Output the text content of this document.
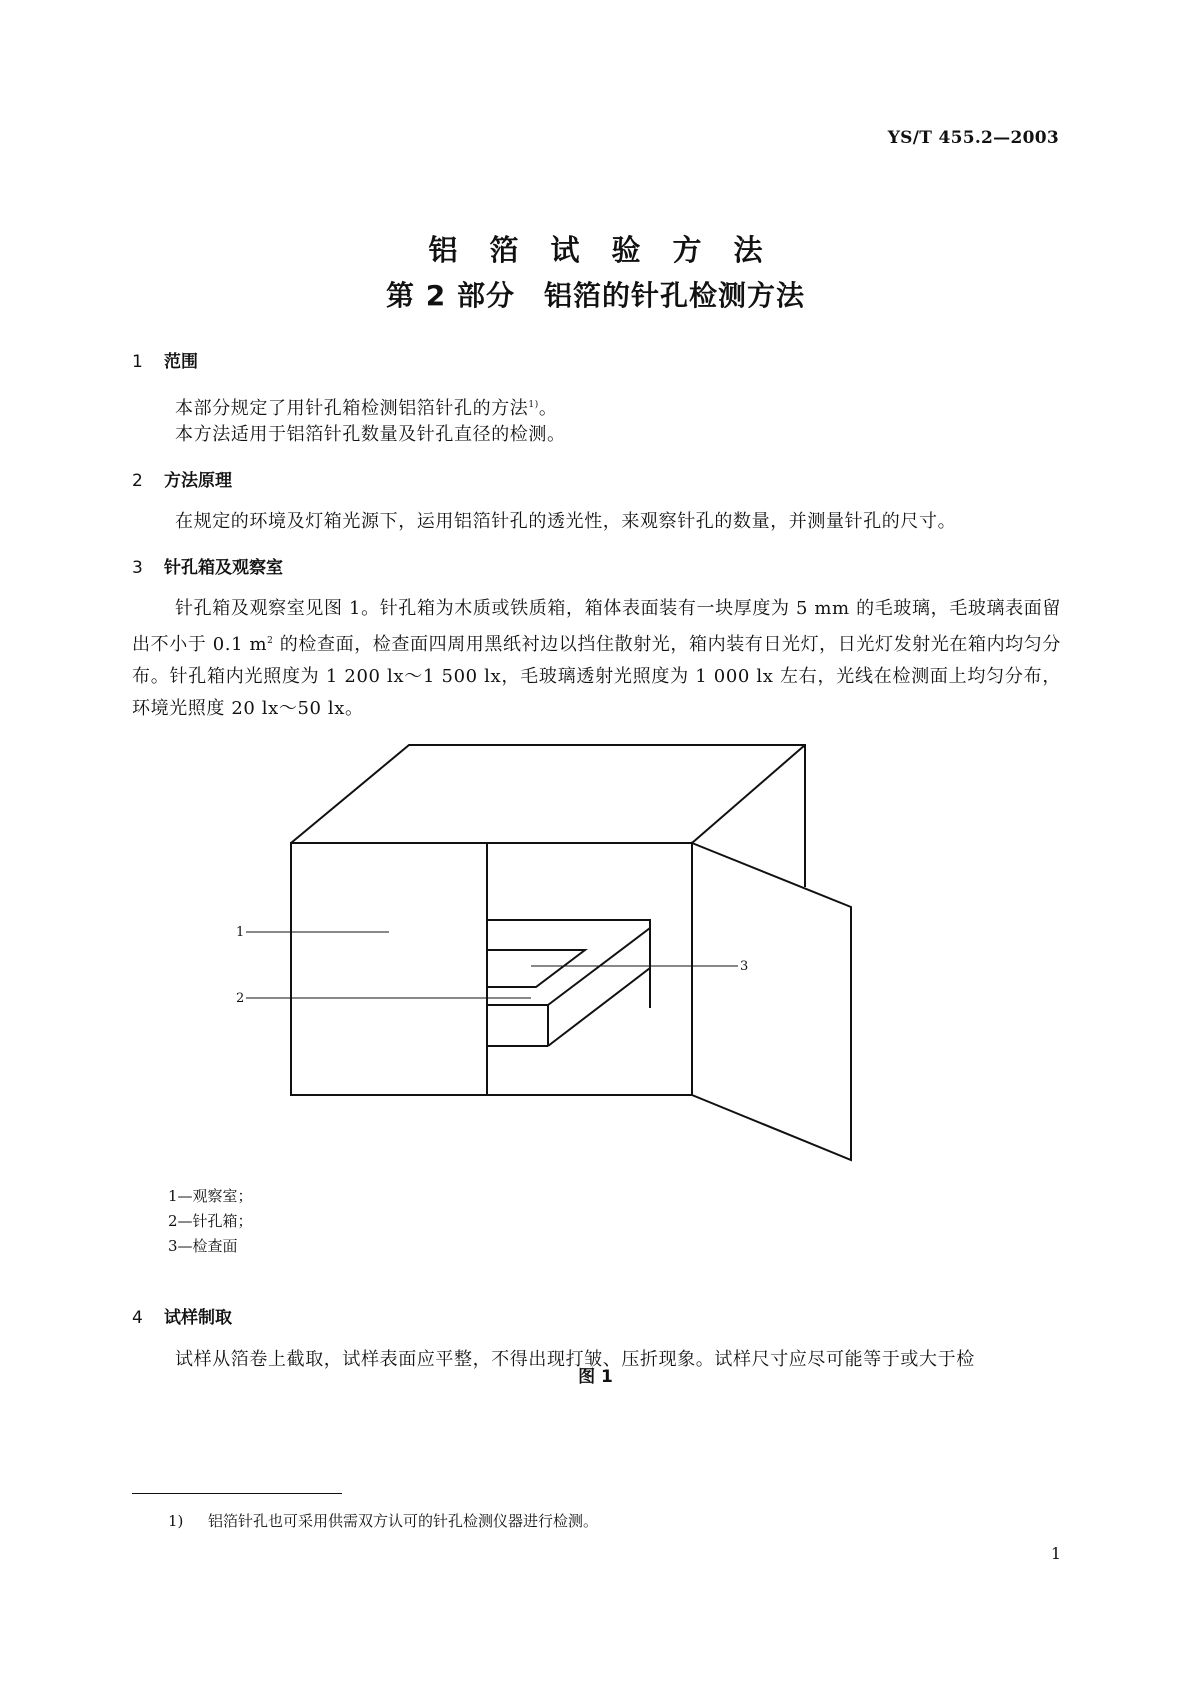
YS/T 455.2—2003
铝箔试验方法
第 2 部分　铝箔的针孔检测方法
1 范围
本部分规定了用针孔箱检测铝箔针孔的方法$^{1)}$。
本方法适用于铝箔针孔数量及针孔直径的检测。
2 方法原理
在规定的环境及灯箱光源下，运用铝箔针孔的透光性，来观察针孔的数量，并测量针孔的尺寸。
3 针孔箱及观察室
针孔箱及观察室见图 1。针孔箱为木质或铁质箱，箱体表面装有一块厚度为 5 mm 的毛玻璃，毛玻璃表面留出不小于 0.1 $m^2$ 的检查面，检查面四周用黑纸衬边以挡住散射光，箱内装有日光灯，日光灯发射光在箱内均匀分布。针孔箱内光照度为 1 200 lx～1 500 lx，毛玻璃透射光照度为 1 000 lx 左右，光线在检测面上均匀分布，环境光照度 20 lx～50 lx。
1
2
3
1—观察室；
2—针孔箱；
3—检查面
图 1
4 试样制取
试样从箔卷上截取，试样表面应平整，不得出现打皱、压折现象。试样尺寸应尽可能等于或大于检
1) 铝箔针孔也可采用供需双方认可的针孔检测仪器进行检测。
1
